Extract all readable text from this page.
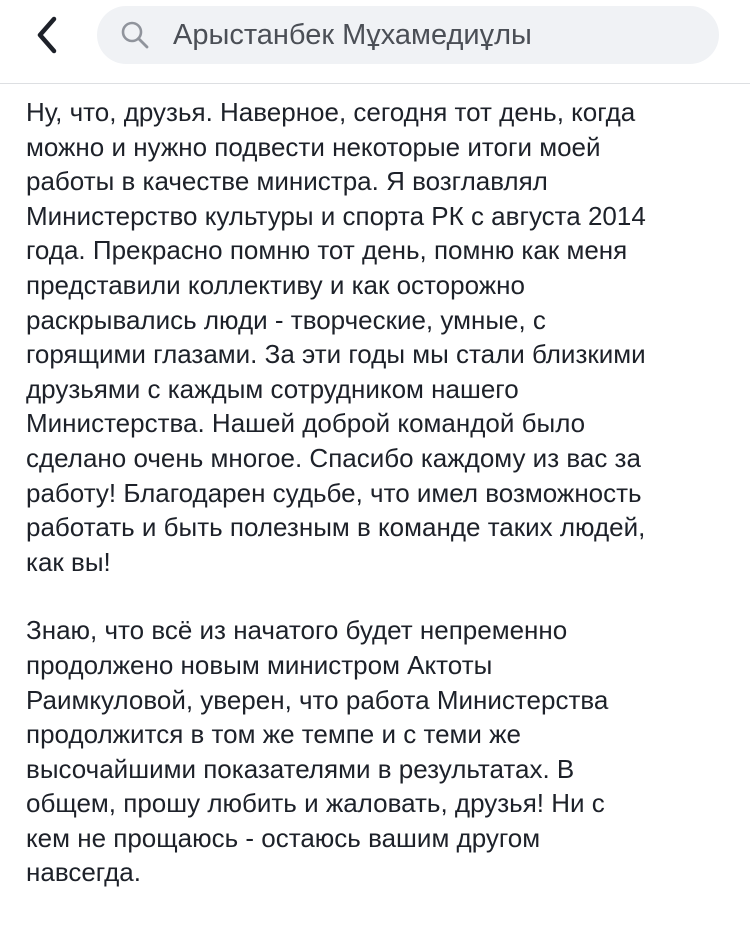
Арыстанбек Мұхамедиұлы

Ну, что, друзья. Наверное, сегодня тот день, когда
можно и нужно подвести некоторые итоги моей
работы в качестве министра. Я возглавлял
Министерство культуры и спорта РК с августа 2014
года. Прекрасно помню тот день, помню как меня
представили коллективу и как осторожно
раскрывались люди - творческие, умные, с
горящими глазами. За эти годы мы стали близкими
друзьями с каждым сотрудником нашего
Министерства. Нашей доброй командой было
сделано очень многое. Спасибо каждому из вас за
работу! Благодарен судьбе, что имел возможность
работать и быть полезным в команде таких людей,
как вы!

Знаю, что всё из начатого будет непременно
продолжено новым министром Актоты
Раимкуловой, уверен, что работа Министерства
продолжится в том же темпе и с теми же
высочайшими показателями в результатах. В
общем, прошу любить и жаловать, друзья! Ни с
кем не прощаюсь - остаюсь вашим другом
навсегда.
